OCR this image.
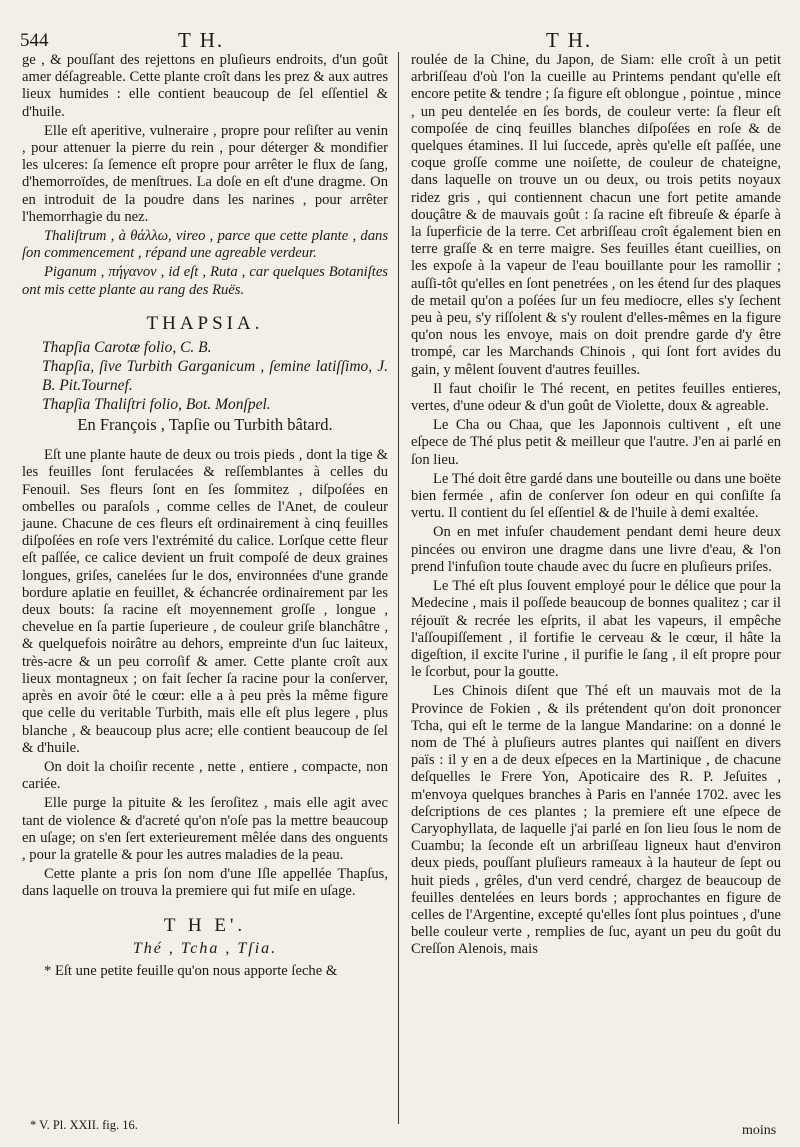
544	T H.	T H.

ge , & pouſſant des rejettons en pluſieurs endroits, d'un goût amer déſagreable. Cette plante croît dans les prez & aux autres lieux humides : elle contient beaucoup de ſel eſſentiel & d'huile.

Elle eſt aperitive, vulneraire , propre pour reſiſter au venin , pour attenuer la pierre du rein , pour déterger & mondifier les ulceres: ſa ſemence eſt propre pour arrêter le flux de ſang, d'hemorroïdes, de menſtrues. La doſe en eſt d'une dragme. On en introduit de la poudre dans les narines , pour arrêter l'hemorrhagie du nez.

Thaliſtrum , à θάλλω, vireo , parce que cette plante , dans ſon commencement , répand une agreable verdeur.

Piganum , πήγανον , id eſt , Ruta , car quelques Botaniſtes ont mis cette plante au rang des Ruës.

THAPSIA.
Thapſia Carotæ folio, C. B.
Thapſia, ſive Turbith Garganicum , ſemine latiſſimo, J. B. Pit.Tournef.
Thapſia Thaliſtri folio, Bot. Monſpel.
En François , Tapſie ou Turbith bâtard.

Eſt une plante haute de deux ou trois pieds , dont la tige & les feuilles ſont ferulacées & reſſemblantes à celles du Fenouil. Ses fleurs ſont en ſes ſommitez , diſpoſées en ombelles ou paraſols , comme celles de l'Anet, de couleur jaune. Chacune de ces fleurs eſt ordinairement à cinq feuilles diſpoſées en roſe vers l'extrémité du calice. Lorſque cette fleur eſt paſſée, ce calice devient un fruit compoſé de deux graines longues, griſes, canelées ſur le dos, environnées d'une grande bordure aplatie en feuillet, & échancrée ordinairement par les deux bouts: ſa racine eſt moyennement groſſe , longue , chevelue en ſa partie ſuperieure , de couleur griſe blanchâtre , & quelquefois noirâtre au dehors, empreinte d'un ſuc laiteux, très-acre & un peu corroſif & amer. Cette plante croît aux lieux montagneux ; on fait ſecher ſa racine pour la conſerver, après en avoir ôté le cœur: elle a à peu près la même figure que celle du veritable Turbith, mais elle eſt plus legere , plus blanche , & beaucoup plus acre; elle contient beaucoup de ſel & d'huile.

On doit la choiſir recente , nette , entiere , compacte, non cariée.

Elle purge la pituite & les ſeroſitez , mais elle agit avec tant de violence & d'acreté qu'on n'oſe pas la mettre beaucoup en uſage; on s'en ſert exterieurement mêlée dans des onguents , pour la gratelle & pour les autres maladies de la peau.

Cette plante a pris ſon nom d'une Iſle appellée Thapſus, dans laquelle on trouva la premiere qui fut miſe en uſage.

T H E'.
Thé , Tcha , Tſia.

* Eſt une petite feuille qu'on nous apporte ſeche &

roulée de la Chine, du Japon, de Siam: elle croît à un petit arbriſſeau d'où l'on la cueille au Printems pendant qu'elle eſt encore petite & tendre ; ſa figure eſt oblongue , pointue , mince , un peu dentelée en ſes bords, de couleur verte: ſa fleur eſt compoſée de cinq feuilles blanches diſpoſées en roſe & de quelques étamines. Il lui ſuccede, après qu'elle eſt paſſée, une coque groſſe comme une noiſette, de couleur de chateigne, dans laquelle on trouve un ou deux, ou trois petits noyaux ridez gris , qui contiennent chacun une fort petite amande douçâtre & de mauvais goût : ſa racine eſt fibreuſe & éparſe à la ſuperficie de la terre. Cet arbriſſeau croît également bien en terre graſſe & en terre maigre. Ses feuilles étant cueillies, on les expoſe à la vapeur de l'eau bouillante pour les ramollir ; auſſi-tôt qu'elles en ſont penetrées , on les étend ſur des plaques de metail qu'on a poſées ſur un feu mediocre, elles s'y ſechent peu à peu, s'y riſſolent & s'y roulent d'elles-mêmes en la figure qu'on nous les envoye, mais on doit prendre garde d'y être trompé, car les Marchands Chinois , qui ſont fort avides du gain, y mêlent ſouvent d'autres feuilles.

Il faut choiſir le Thé recent, en petites feuilles entieres, vertes, d'une odeur & d'un goût de Violette, doux & agreable.

Le Cha ou Chaa, que les Japonnois cultivent , eſt une eſpece de Thé plus petit & meilleur que l'autre. J'en ai parlé en ſon lieu.

Le Thé doit être gardé dans une bouteille ou dans une boëte bien fermée , afin de conſerver ſon odeur en qui conſiſte ſa vertu. Il contient du ſel eſſentiel & de l'huile à demi exaltée.

On en met infuſer chaudement pendant demi heure deux pincées ou environ une dragme dans une livre d'eau, & l'on prend l'infuſion toute chaude avec du ſucre en pluſieurs priſes.

Le Thé eſt plus ſouvent employé pour le délice que pour la Medecine , mais il poſſede beaucoup de bonnes qualitez ; car il réjouït & recrée les eſprits, il abat les vapeurs, il empêche l'aſſoupiſſement , il fortifie le cerveau & le cœur, il hâte la digeſtion, il excite l'urine , il purifie le ſang , il eſt propre pour le ſcorbut, pour la goutte.

Les Chinois diſent que Thé eſt un mauvais mot de la Province de Fokien , & ils prétendent qu'on doit prononcer Tcha, qui eſt le terme de la langue Mandarine: on a donné le nom de Thé à pluſieurs autres plantes qui naiſſent en divers païs : il y en a de deux eſpeces en la Martinique , de chacune deſquelles le Frere Yon, Apoticaire des R. P. Jeſuites , m'envoya quelques branches à Paris en l'année 1702. avec les deſcriptions de ces plantes ; la premiere eſt une eſpece de Caryophyllata, de laquelle j'ai parlé en ſon lieu ſous le nom de Cuambu; la ſeconde eſt un arbriſſeau ligneux haut d'environ deux pieds, pouſſant pluſieurs rameaux à la hauteur de ſept ou huit pieds , grêles, d'un verd cendré, chargez de beaucoup de feuilles dentelées en leurs bords ; approchantes en figure de celles de l'Argentine, excepté qu'elles ſont plus pointues , d'une belle couleur verte , remplies de ſuc, ayant un peu du goût du Creſſon Alenois, mais

* V. Pl. XXII. fig. 16.	moins
